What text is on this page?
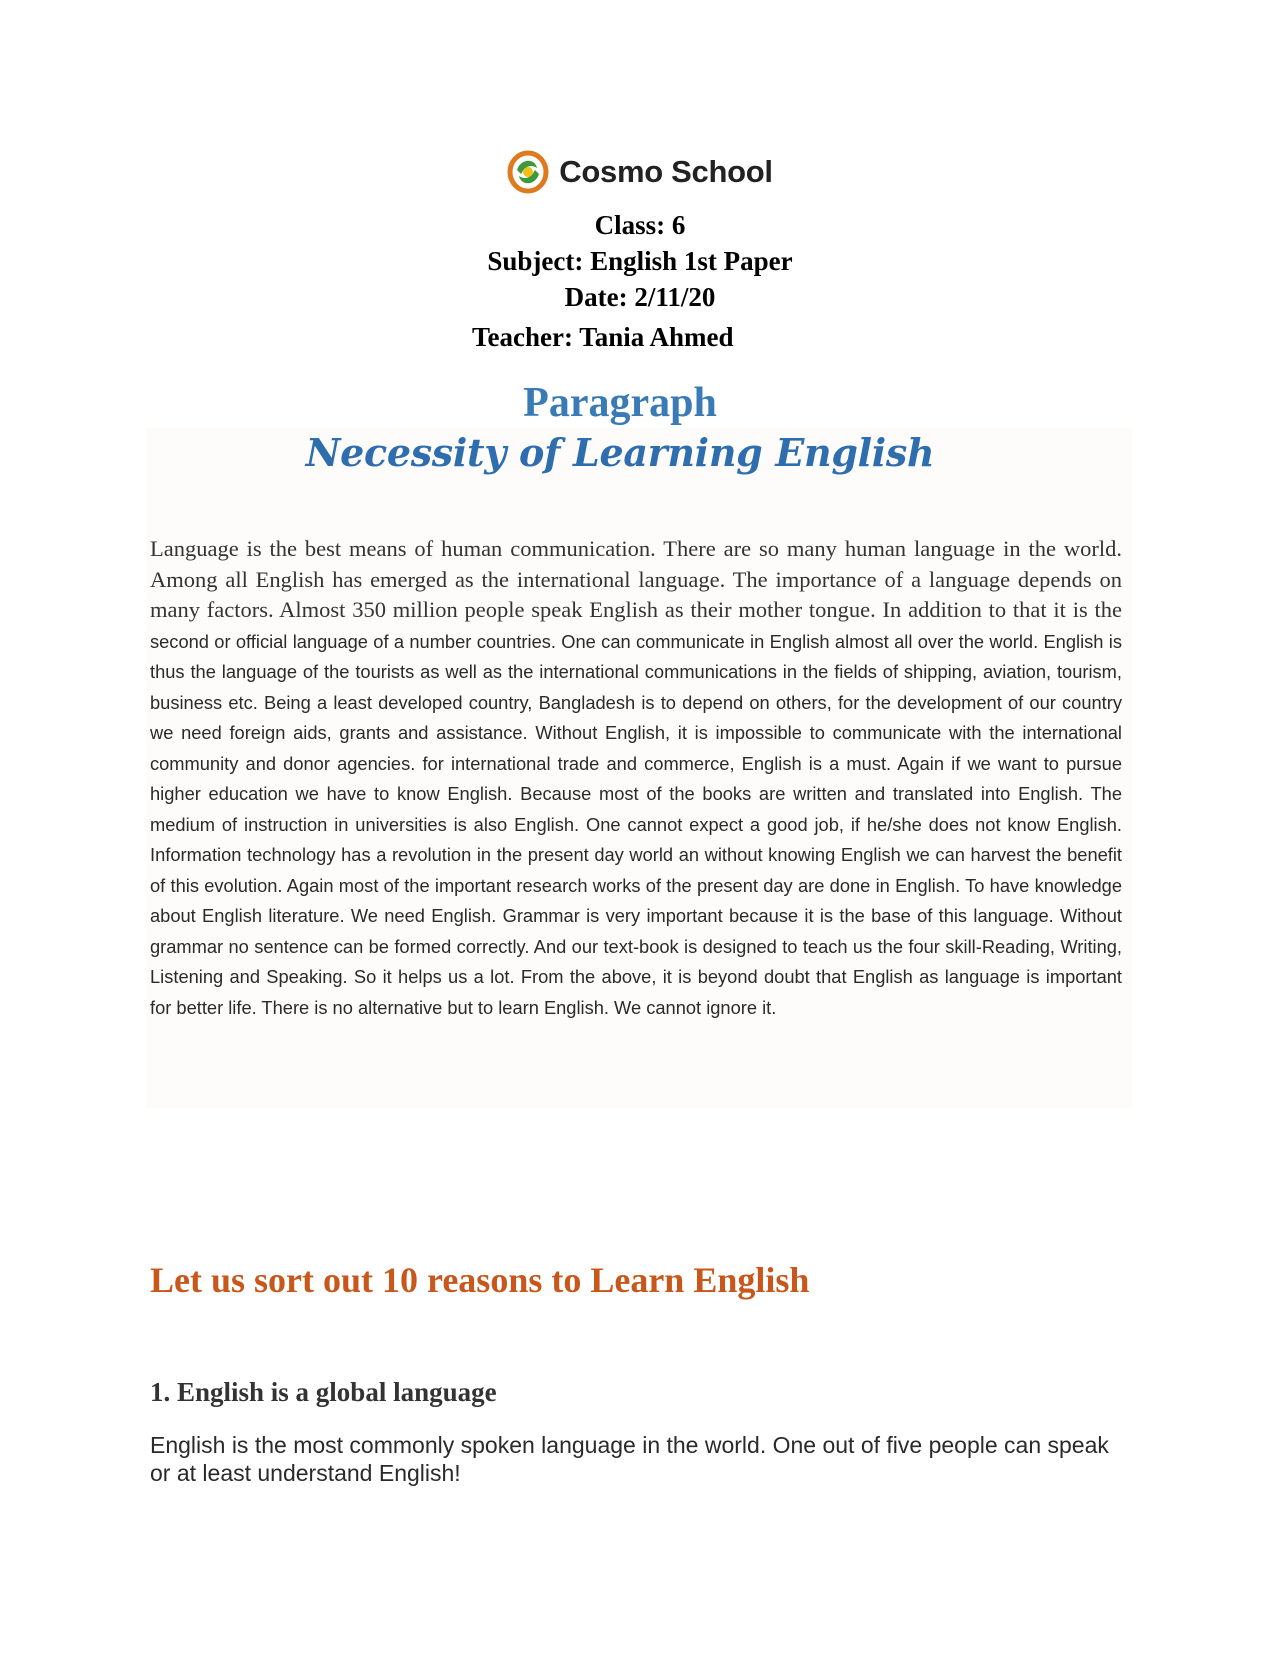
Cosmo School
Class: 6
Subject: English 1st Paper
Date: 2/11/20
Teacher: Tania Ahmed
Paragraph
Necessity of Learning English

Language is the best means of human communication. There are so many human language in the world. Among all English has emerged as the international language. The importance of a language depends on many factors. Almost 350 million people speak English as their mother tongue. In addition to that it is the second or official language of a number countries. One can communicate in English almost all over the world. English is thus the language of the tourists as well as the international communications in the fields of shipping, aviation, tourism, business etc. Being a least developed country, Bangladesh is to depend on others, for the development of our country we need foreign aids, grants and assistance. Without English, it is impossible to communicate with the international community and donor agencies. for international trade and commerce, English is a must. Again if we want to pursue higher education we have to know English. Because most of the books are written and translated into English. The medium of instruction in universities is also English. One cannot expect a good job, if he/she does not know English. Information technology has a revolution in the present day world an without knowing English we can harvest the benefit of this evolution. Again most of the important research works of the present day are done in English. To have knowledge about English literature. We need English. Grammar is very important because it is the base of this language. Without grammar no sentence can be formed correctly. And our text-book is designed to teach us the four skill-Reading, Writing, Listening and Speaking. So it helps us a lot. From the above, it is beyond doubt that English as language is important for better life. There is no alternative but to learn English. We cannot ignore it.

Let us sort out 10 reasons to Learn English
1. English is a global language

English is the most commonly spoken language in the world. One out of five people can speak or at least understand English!
